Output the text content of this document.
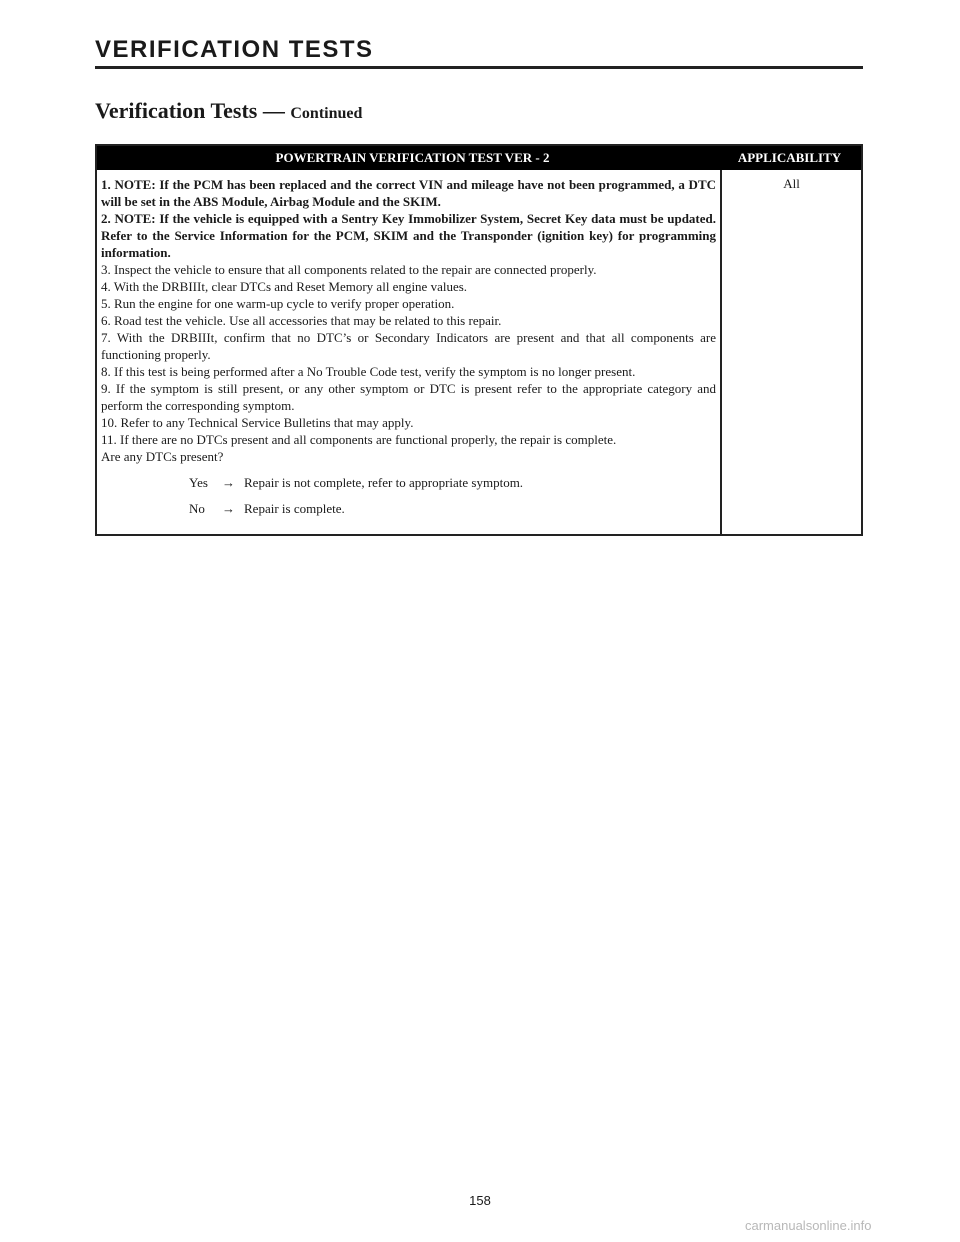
VERIFICATION TESTS
Verification Tests — Continued
POWERTRAIN VERIFICATION TEST VER - 2	APPLICABILITY

1. NOTE: If the PCM has been replaced and the correct VIN and mileage have not been programmed, a DTC will be set in the ABS Module, Airbag Module and the SKIM.

2. NOTE: If the vehicle is equipped with a Sentry Key Immobilizer System, Secret Key data must be updated. Refer to the Service Information for the PCM, SKIM and the Transponder (ignition key) for programming information.

3. Inspect the vehicle to ensure that all components related to the repair are connected properly.

4. With the DRBIIIt, clear DTCs and Reset Memory all engine values.

5. Run the engine for one warm-up cycle to verify proper operation.

6. Road test the vehicle. Use all accessories that may be related to this repair.

7. With the DRBIIIt, confirm that no DTC’s or Secondary Indicators are present and that all components are functioning properly.

8. If this test is being performed after a No Trouble Code test, verify the symptom is no longer present.

9. If the symptom is still present, or any other symptom or DTC is present refer to the appropriate category and perform the corresponding symptom.

10. Refer to any Technical Service Bulletins that may apply.

11. If there are no DTCs present and all components are functional properly, the repair is complete.

Are any DTCs present?

Yes	→ Repair is not complete, refer to appropriate symptom.
No	→ Repair is complete.
All
158
carmanualsonline.info
